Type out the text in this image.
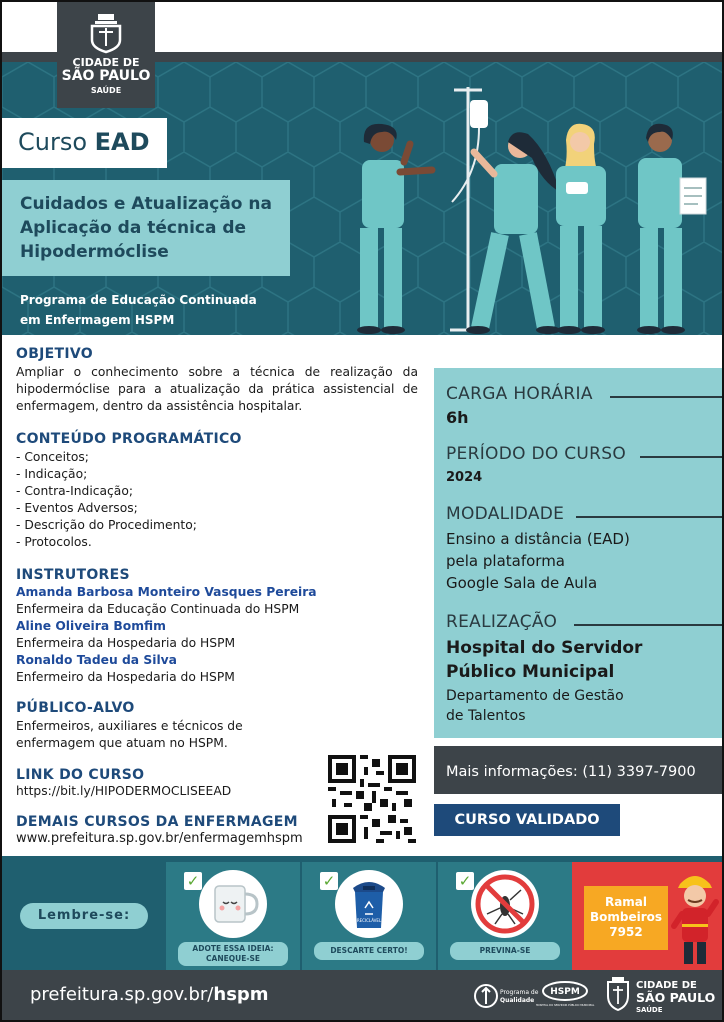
CIDADE DE
SÃO PAULO
SAÚDE
Curso EAD
Cuidados e Atualização na Aplicação da técnica de Hipodermóclise
Programa de Educação Continuada
em Enfermagem HSPM
OBJETIVO
Ampliar o conhecimento sobre a técnica de realização da hipodermóclise para a atualização da prática assistencial de enfermagem, dentro da assistência hospitalar.
CONTEÚDO PROGRAMÁTICO
- Conceitos;
- Indicação;
- Contra-Indicação;
- Eventos Adversos;
- Descrição do Procedimento;
- Protocolos.
INSTRUTORES
Amanda Barbosa Monteiro Vasques Pereira
Enfermeira da Educação Continuada do HSPM
Aline Oliveira Bomfim
Enfermeira da Hospedaria do HSPM
Ronaldo Tadeu da Silva
Enfermeiro da Hospedaria do HSPM
PÚBLICO-ALVO
Enfermeiros, auxiliares e técnicos de
enfermagem que atuam no HSPM.
LINK DO CURSO
https://bit.ly/HIPODERMOCLISEEAD
DEMAIS CURSOS DA ENFERMAGEM
www.prefeitura.sp.gov.br/enfermagemhspm
CARGA HORÁRIA
6h
PERÍODO DO CURSO
2024
MODALIDADE
Ensino a distância (EAD)
pela plataforma
Google Sala de Aula
REALIZAÇÃO
Hospital do Servidor
Público Municipal
Departamento de Gestão
de Talentos
Mais informações: (11) 3397-7900
CURSO VALIDADO
Lembre-se:
✓
ADOTE ESSA IDEIA:
CANEQUE-SE
✓
RECICLÁVEL
DESCARTE CERTO!
✓
PREVINA-SE
Ramal
Bombeiros
7952
prefeitura.sp.gov.br/hspm	Programa de
Qualidade
HSPM
HOSPITAL DO SERVIDOR PÚBLICO MUNICIPAL
CIDADE DE
SÃO PAULO
SAÚDE
